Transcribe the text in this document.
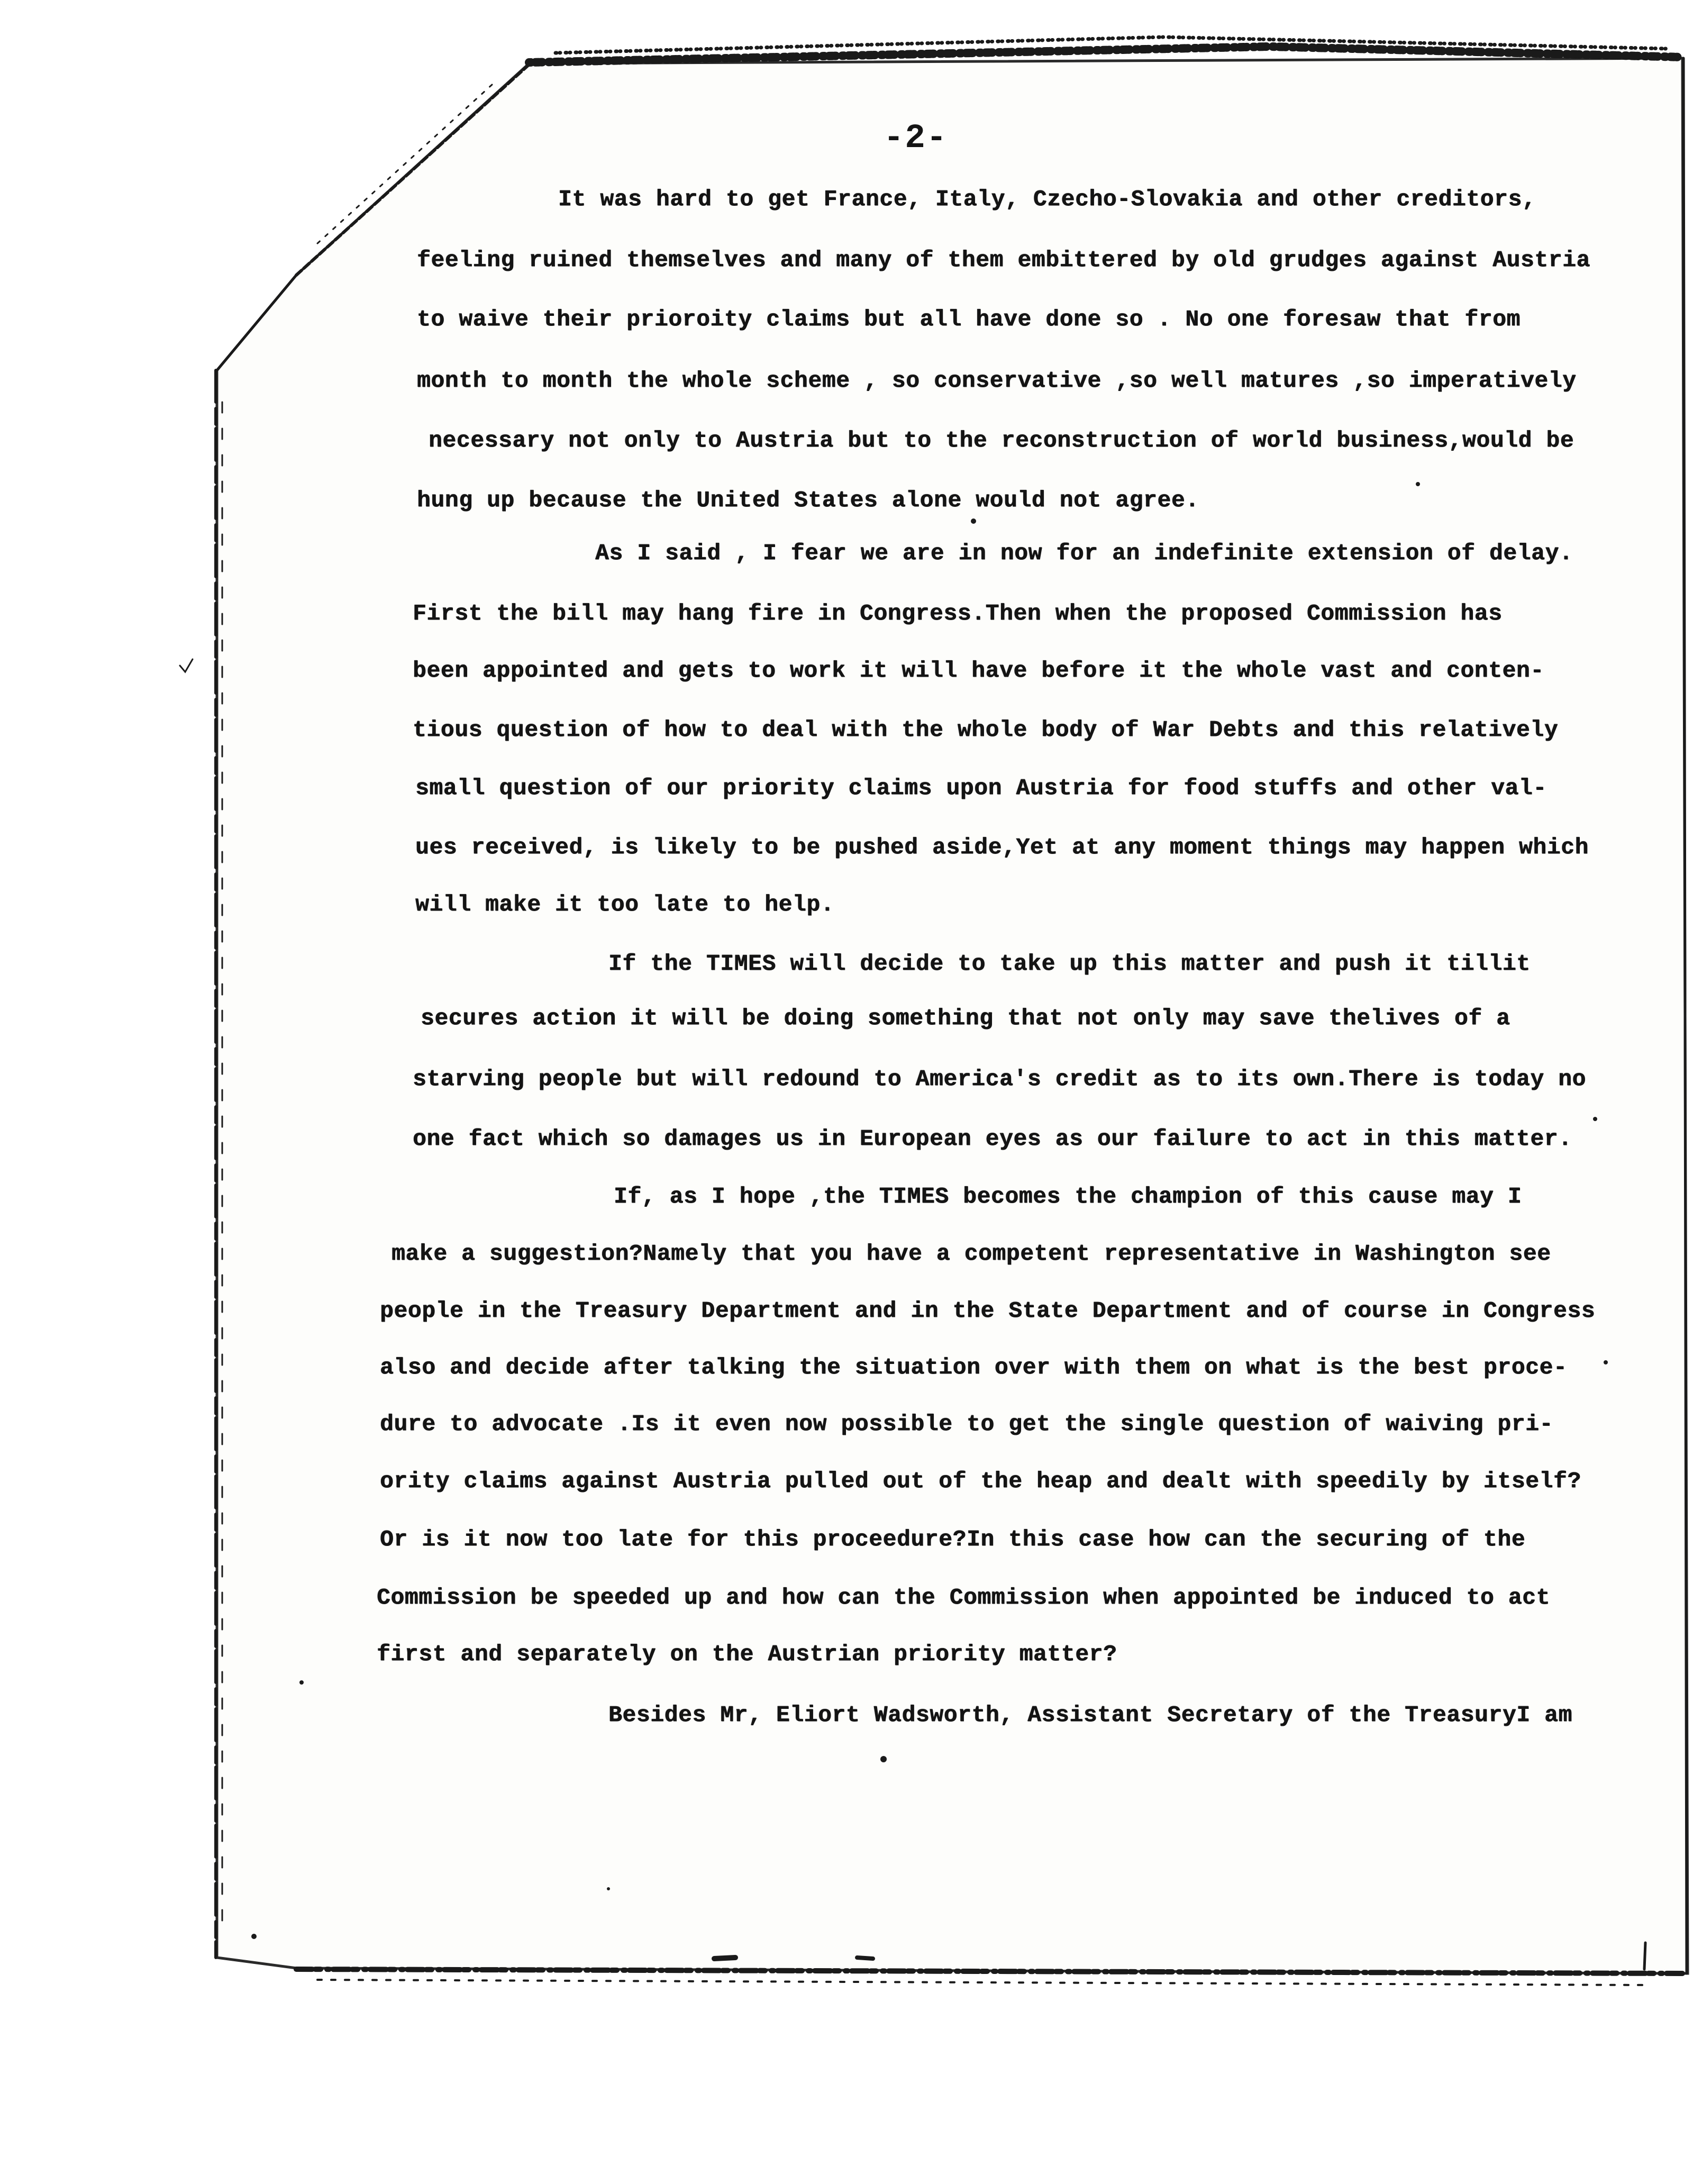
-2-
It was hard to get France, Italy, Czecho-Slovakia and other creditors,
feeling ruined themselves and many of them embittered by old grudges against Austria
to waive their prioroity claims but all have done so . No one foresaw that from
month to month the whole scheme , so conservative ,so well matures ,so imperatively
necessary not only to Austria but to the reconstruction of world business,would be
hung up because the United States alone would not agree.
As I said , I fear we are in now for an indefinite extension of delay.
First the bill may hang fire in Congress.Then when the proposed Commission has
been appointed and gets to work it will have before it the whole vast and conten-
tious question of how to deal with the whole body of War Debts and this relatively
small question of our priority claims upon Austria for food stuffs and other val-
ues received, is likely to be pushed aside,Yet at any moment things may happen which
will make it too late to help.
If the TIMES will decide to take up this matter and push it tillit
secures action it will be doing something that not only may save thelives of a
starving people but will redound to America's credit as to its own.There is today no
one fact which so damages us in European eyes as our failure to act in this matter.
If, as I hope ,the TIMES becomes the champion of this cause may I
make a suggestion?Namely that you have a competent representative in Washington see
people in the Treasury Department and in the State Department and of course in Congress
also and decide after talking the situation over with them on what is the best proce-
dure to advocate .Is it even now possible to get the single question of waiving pri-
ority claims against Austria pulled out of the heap and dealt with speedily by itself?
Or is it now too late for this proceedure?In this case how can the securing of the
Commission be speeded up and how can the Commission when appointed be induced to act
first and separately on the Austrian priority matter?
Besides Mr, Eliort Wadsworth, Assistant Secretary of the TreasuryI am
